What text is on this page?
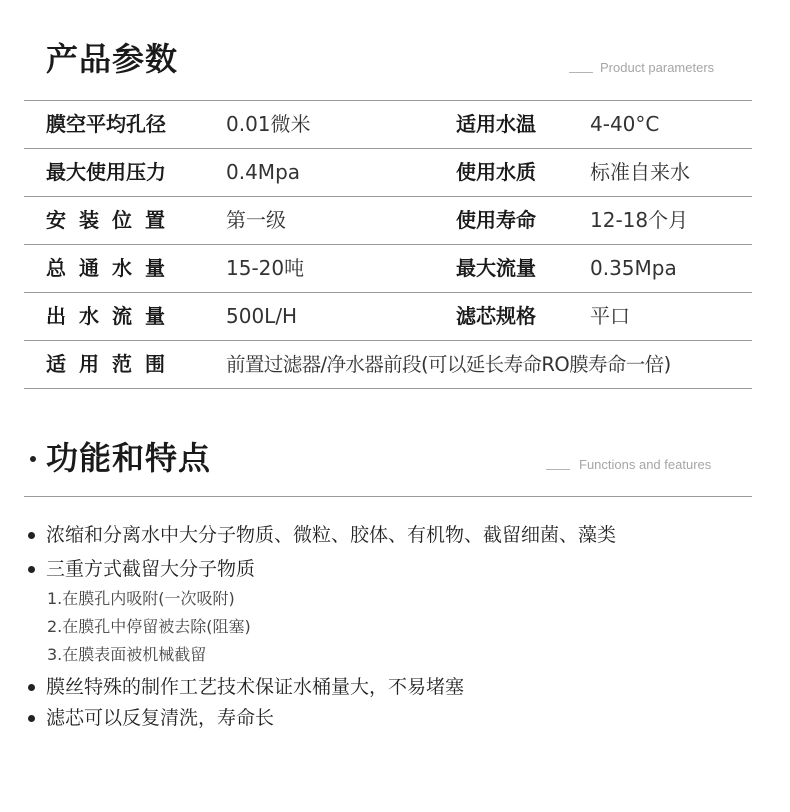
产品参数	Product parameters
膜空平均孔径	0.01微米	适用水温	4-40°C
最大使用压力	0.4Mpa	使用水质	标准自来水
安装位置	第一级	使用寿命	12-18个月
总通水量	15-20吨	最大流量	0.35Mpa
出水流量	500L/H	滤芯规格	平口
适用范围	前置过滤器/净水器前段(可以延长寿命RO膜寿命一倍)
功能和特点	Functions and features
浓缩和分离水中大分子物质、微粒、胶体、有机物、截留细菌、藻类
三重方式截留大分子物质
1.在膜孔内吸附(一次吸附)
2.在膜孔中停留被去除(阻塞)
3.在膜表面被机械截留
膜丝特殊的制作工艺技术保证水桶量大，不易堵塞
滤芯可以反复清洗，寿命长
